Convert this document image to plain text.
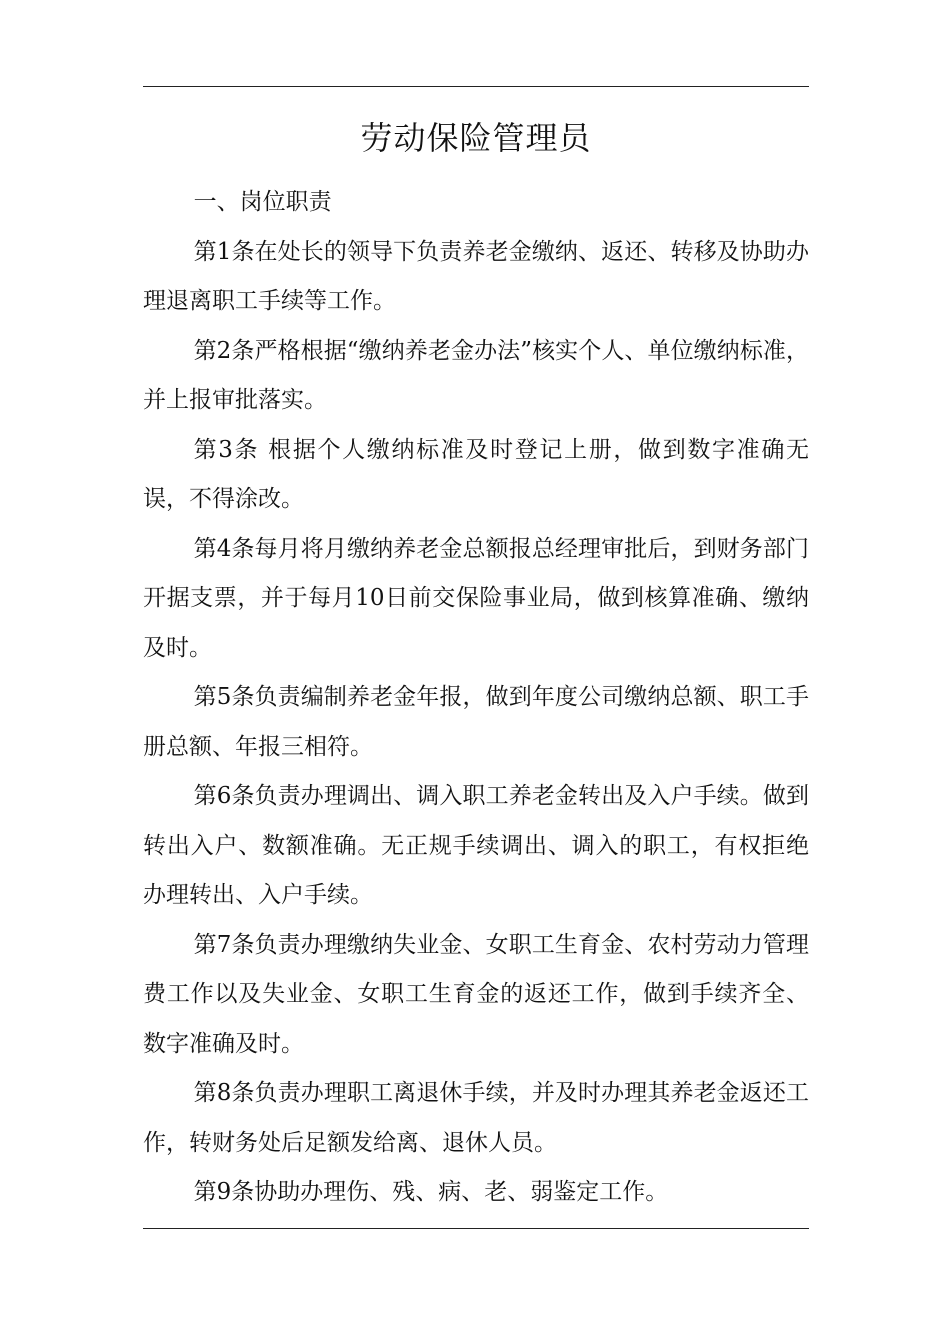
劳动保险管理员

一、岗位职责

第1条在处长的领导下负责养老金缴纳、返还、转移及协助办理退离职工手续等工作。

第2条严格根据“缴纳养老金办法”核实个人、单位缴纳标准，并上报审批落实。

第3条 根据个人缴纳标准及时登记上册，做到数字准确无误，不得涂改。

第4条每月将月缴纳养老金总额报总经理审批后，到财务部门开据支票，并于每月10日前交保险事业局，做到核算准确、缴纳及时。

第5条负责编制养老金年报，做到年度公司缴纳总额、职工手册总额、年报三相符。

第6条负责办理调出、调入职工养老金转出及入户手续。做到转出入户、数额准确。无正规手续调出、调入的职工，有权拒绝办理转出、入户手续。

第7条负责办理缴纳失业金、女职工生育金、农村劳动力管理费工作以及失业金、女职工生育金的返还工作，做到手续齐全、数字准确及时。

第8条负责办理职工离退休手续，并及时办理其养老金返还工作，转财务处后足额发给离、退休人员。

第9条协助办理伤、残、病、老、弱鉴定工作。
